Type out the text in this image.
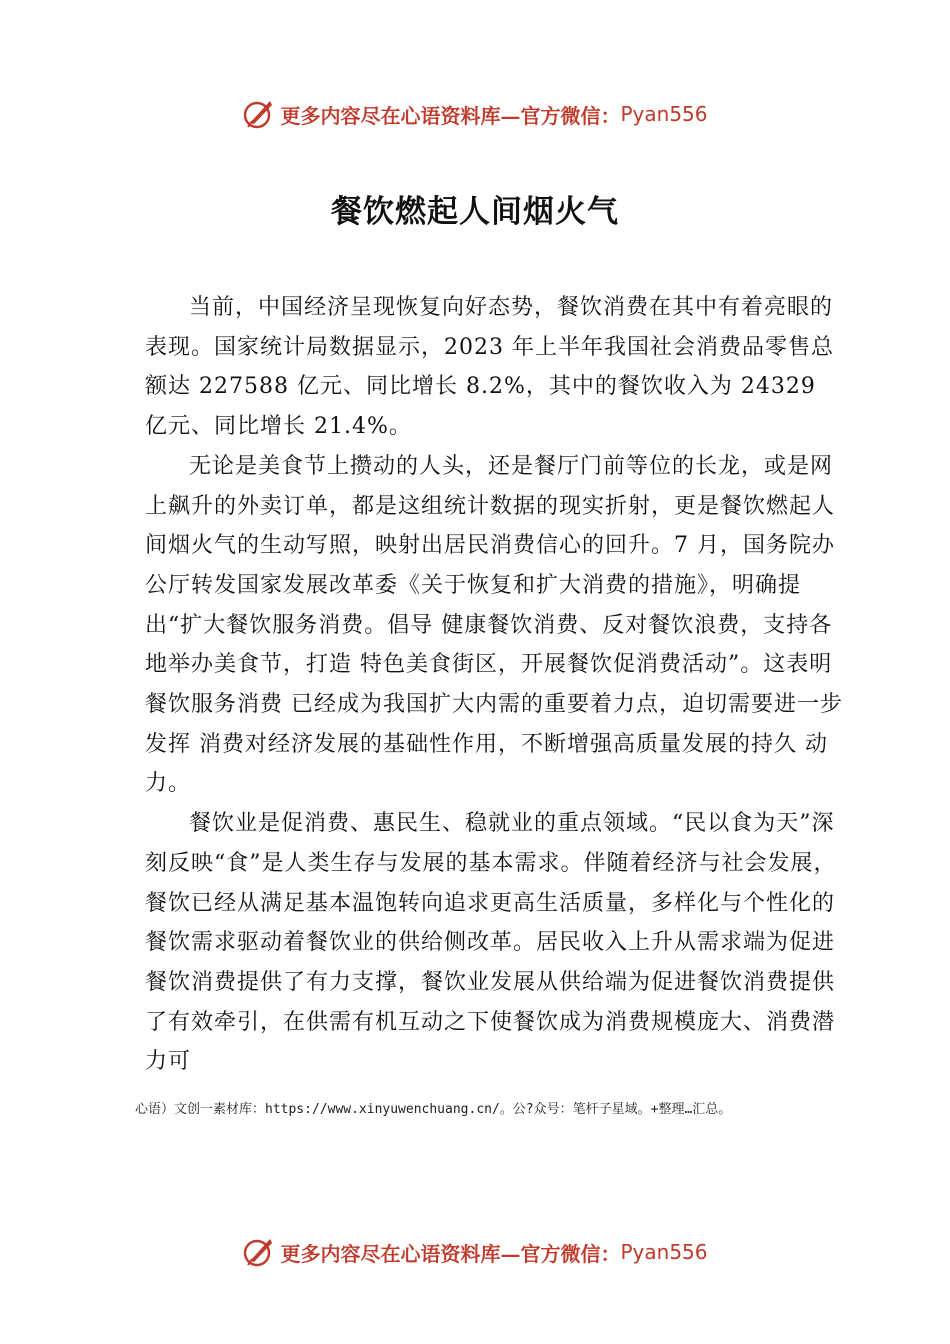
更多内容尽在心语资料库—官方微信： Pyan556
餐饮燃起人间烟火气

当前，中国经济呈现恢复向好态势，餐饮消费在其中有着亮眼的表现。国家统计局数据显示，2023 年上半年我国社会消费品零售总额达 227588 亿元、同比增长 8.2%，其中的餐饮收入为 24329 亿元、同比增长 21.4%。

无论是美食节上攒动的人头，还是餐厅门前等位的长龙，或是网上飙升的外卖订单，都是这组统计数据的现实折射，更是餐饮燃起人间烟火气的生动写照，映射出居民消费信心的回升。7 月，国务院办公厅转发国家发展改革委《关于恢复和扩大消费的措施》，明确提出“扩大餐饮服务消费。倡导 健康餐饮消费、反对餐饮浪费，支持各地举办美食节，打造 特色美食街区，开展餐饮促消费活动”。这表明餐饮服务消费 已经成为我国扩大内需的重要着力点，迫切需要进一步发挥 消费对经济发展的基础性作用，不断增强高质量发展的持久 动力。

餐饮业是促消费、惠民生、稳就业的重点领域。“民以食为天”深刻反映“食”是人类生存与发展的基本需求。伴随着经济与社会发展，餐饮已经从满足基本温饱转向追求更高生活质量，多样化与个性化的餐饮需求驱动着餐饮业的供给侧改革。居民收入上升从需求端为促进餐饮消费提供了有力支撑，餐饮业发展从供给端为促进餐饮消费提供了有效牵引，在供需有机互动之下使餐饮成为消费规模庞大、消费潜力可

心语）文创一素材库：https://www.xinyuwenchuang.cn/。公?众号：笔杆子星域。+整理…汇总。
更多内容尽在心语资料库—官方微信： Pyan556
